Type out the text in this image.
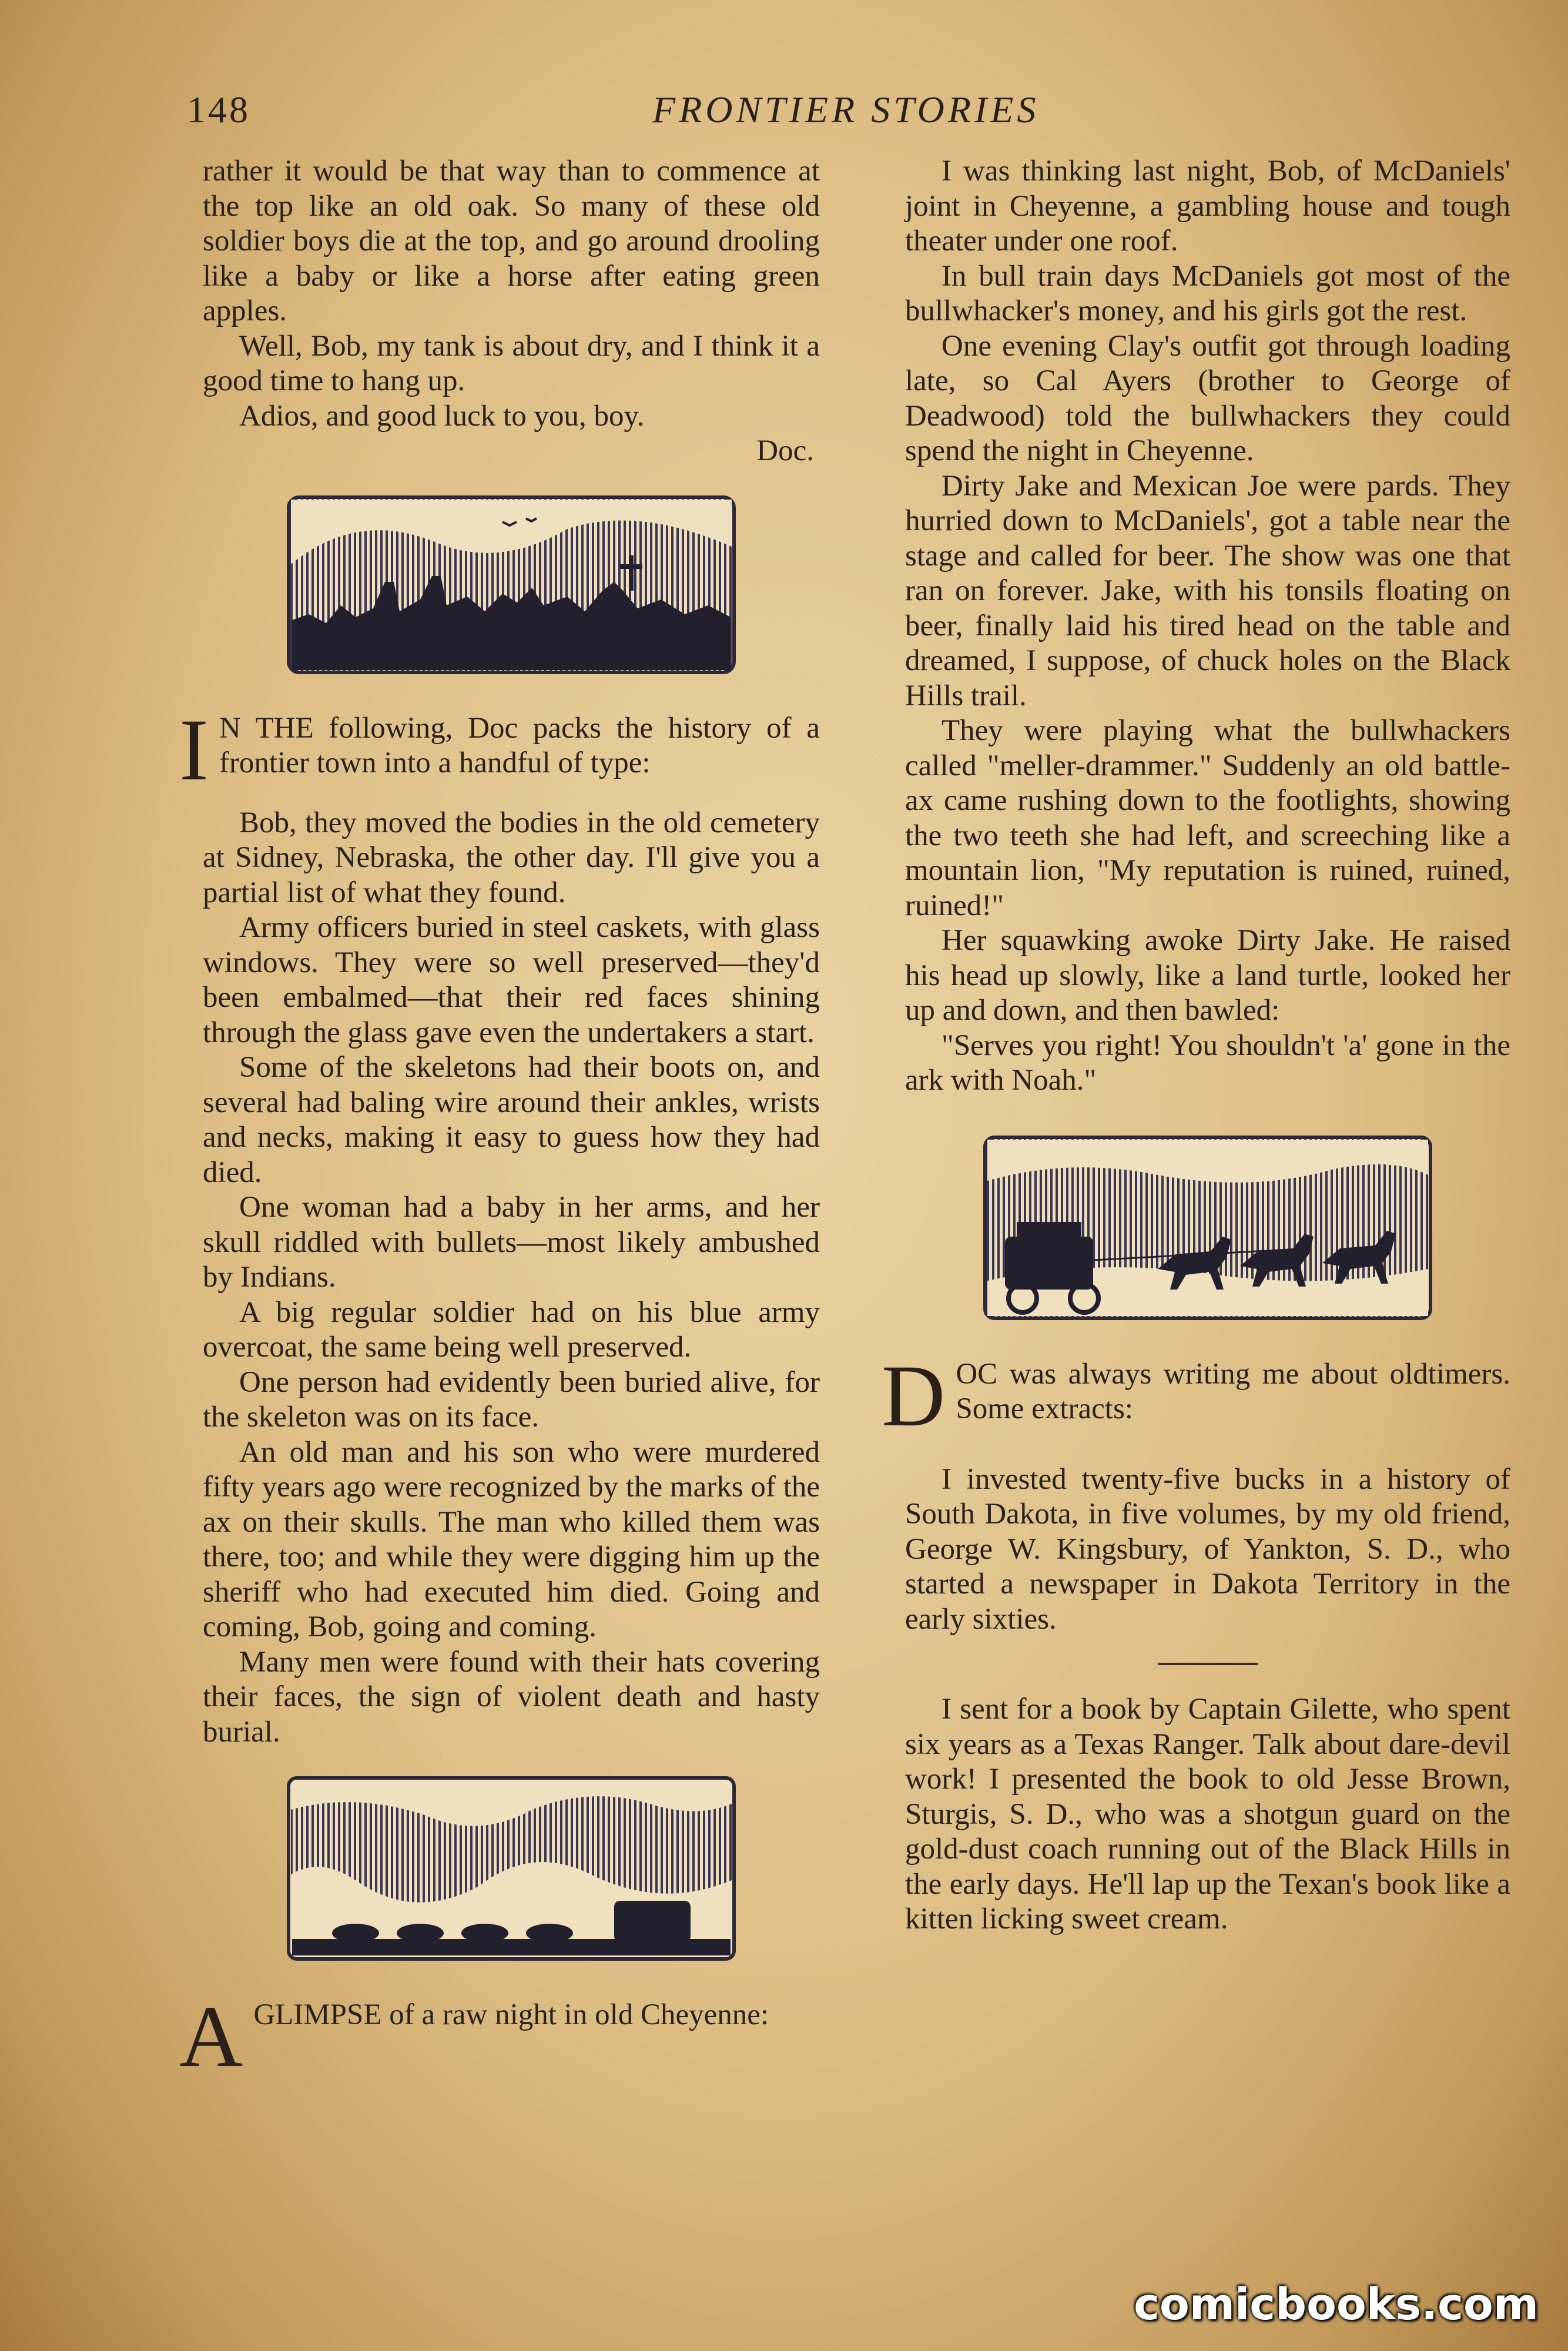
148	FRONTIER STORIES

rather it would be that way than to commence at the top like an old oak. So many of these old soldier boys die at the top, and go around drooling like a baby or like a horse after eating green apples.

Well, Bob, my tank is about dry, and I think it a good time to hang up.

Adios, and good luck to you, boy.

Doc.

I N THE following, Doc packs the history of a frontier town into a handful of type:

Bob, they moved the bodies in the old cemetery at Sidney, Nebraska, the other day. I'll give you a partial list of what they found.

Army officers buried in steel caskets, with glass windows. They were so well preserved—they'd been embalmed—that their red faces shining through the glass gave even the undertakers a start.

Some of the skeletons had their boots on, and several had baling wire around their ankles, wrists and necks, making it easy to guess how they had died.

One woman had a baby in her arms, and her skull riddled with bullets—most likely ambushed by Indians.

A big regular soldier had on his blue army overcoat, the same being well preserved.

One person had evidently been buried alive, for the skeleton was on its face.

An old man and his son who were murdered fifty years ago were recognized by the marks of the ax on their skulls. The man who killed them was there, too; and while they were digging him up the sheriff who had executed him died. Going and coming, Bob, going and coming.

Many men were found with their hats covering their faces, the sign of violent death and hasty burial.

AGLIMPSE of a raw night in old Cheyenne:

I was thinking last night, Bob, of McDaniels' joint in Cheyenne, a gambling house and tough theater under one roof.

In bull train days McDaniels got most of the bullwhacker's money, and his girls got the rest.

One evening Clay's outfit got through loading late, so Cal Ayers (brother to George of Deadwood) told the bullwhackers they could spend the night in Cheyenne.

Dirty Jake and Mexican Joe were pards. They hurried down to McDaniels', got a table near the stage and called for beer. The show was one that ran on forever. Jake, with his tonsils floating on beer, finally laid his tired head on the table and dreamed, I suppose, of chuck holes on the Black Hills trail.

They were playing what the bullwhackers called "meller-drammer." Suddenly an old battle-ax came rushing down to the footlights, showing the two teeth she had left, and screeching like a mountain lion, "My reputation is ruined, ruined, ruined!"

Her squawking awoke Dirty Jake. He raised his head up slowly, like a land turtle, looked her up and down, and then bawled:

"Serves you right! You shouldn't 'a' gone in the ark with Noah."

DOC was always writing me about oldtimers. Some extracts:

I invested twenty-five bucks in a history of South Dakota, in five volumes, by my old friend, George W. Kingsbury, of Yankton, S. D., who started a newspaper in Dakota Territory in the early sixties.

I sent for a book by Captain Gilette, who spent six years as a Texas Ranger. Talk about dare-devil work! I presented the book to old Jesse Brown, Sturgis, S. D., who was a shotgun guard on the gold-dust coach running out of the Black Hills in the early days. He'll lap up the Texan's book like a kitten licking sweet cream.

comicbooks.com
